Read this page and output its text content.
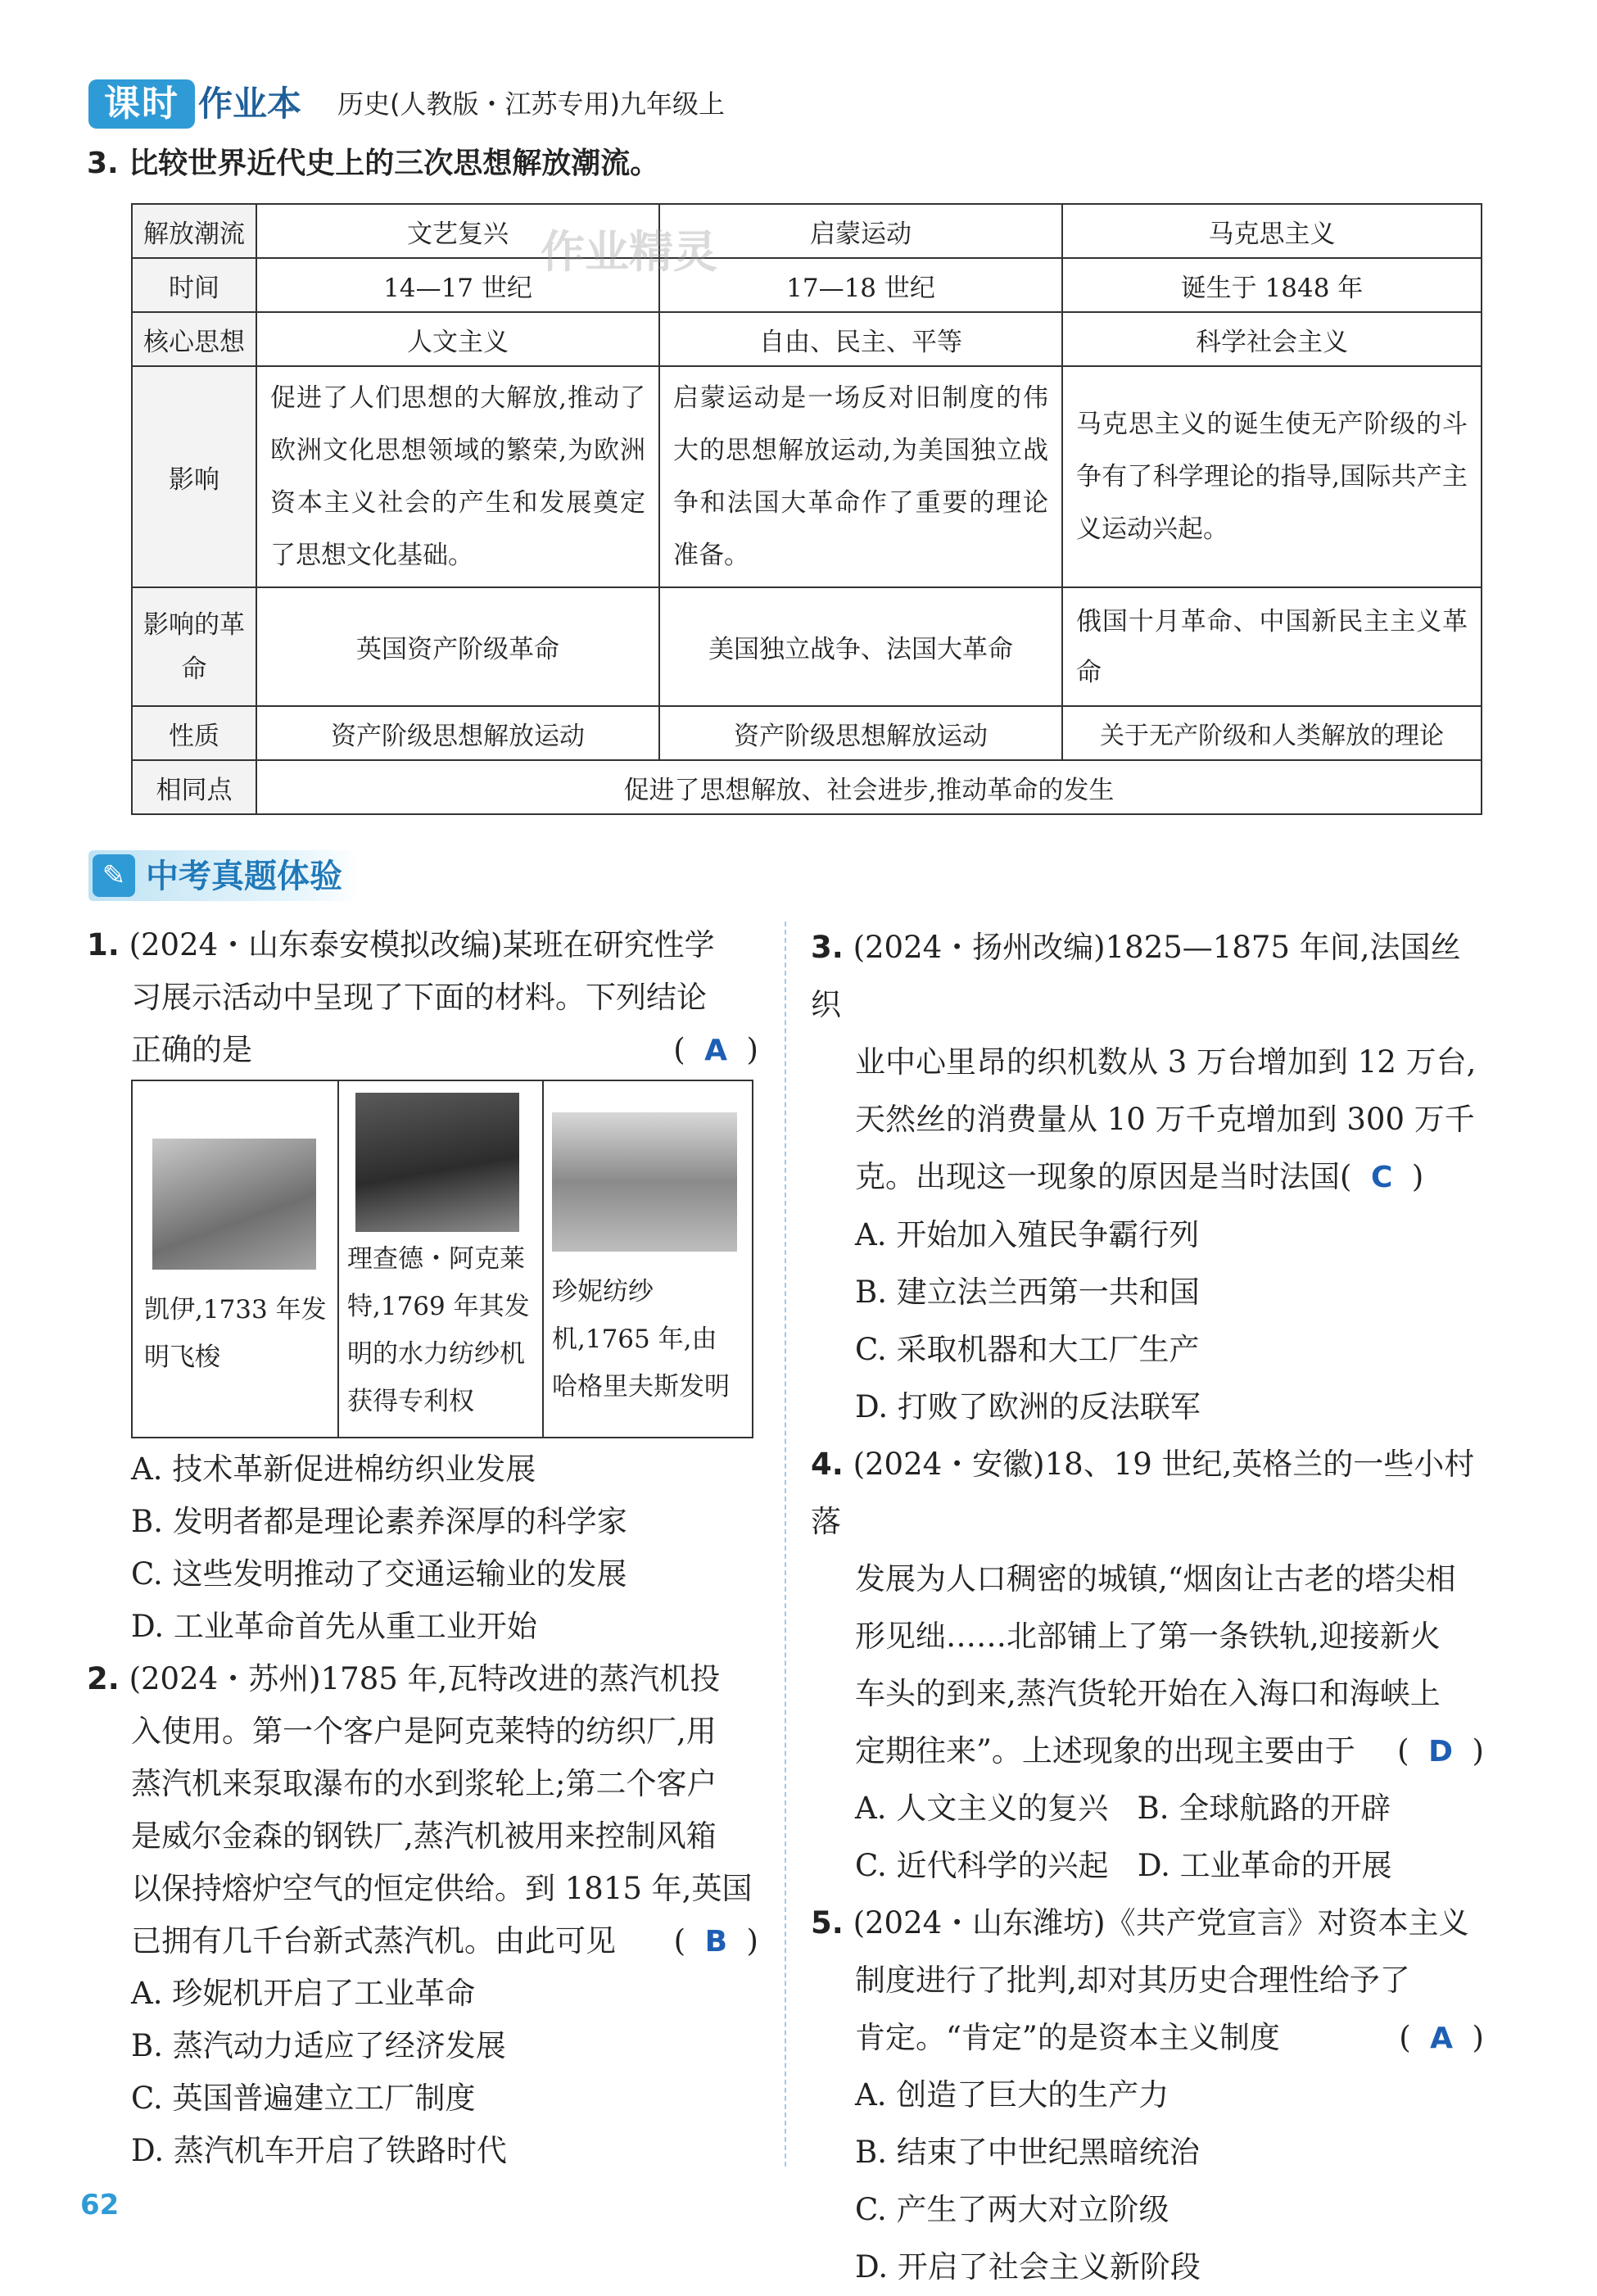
课时 作业本 历史(人教版・江苏专用)九年级上
3. 比较世界近代史上的三次思想解放潮流。
解放潮流	文艺复兴	启蒙运动	马克思主义
时间	14—17 世纪	17—18 世纪	诞生于 1848 年
核心思想	人文主义	自由、民主、平等	科学社会主义
影响	促进了人们思想的大解放,推动了欧洲文化思想领域的繁荣,为欧洲资本主义社会的产生和发展奠定了思想文化基础。	启蒙运动是一场反对旧制度的伟大的思想解放运动,为美国独立战争和法国大革命作了重要的理论准备。	马克思主义的诞生使无产阶级的斗争有了科学理论的指导,国际共产主义运动兴起。
影响的革命	英国资产阶级革命	美国独立战争、法国大革命	俄国十月革命、中国新民主主义革命
性质	资产阶级思想解放运动	资产阶级思想解放运动	关于无产阶级和人类解放的理论
相同点	促进了思想解放、社会进步,推动革命的发生		
作业精灵
✎ 中考真题体验

1. (2024・山东泰安模拟改编)某班在研究性学

习展示活动中呈现了下面的材料。下列结论

正确的是	(  A  )

凯伊,1733 年发明飞梭
理查德・阿克莱特,1769 年其发明的水力纺纱机获得专利权
珍妮纺纱机,1765 年,由哈格里夫斯发明

A. 技术革新促进棉纺织业发展

B. 发明者都是理论素养深厚的科学家

C. 这些发明推动了交通运输业的发展

D. 工业革命首先从重工业开始

2. (2024・苏州)1785 年,瓦特改进的蒸汽机投

入使用。第一个客户是阿克莱特的纺织厂,用

蒸汽机来泵取瀑布的水到浆轮上;第二个客户

是威尔金森的钢铁厂,蒸汽机被用来控制风箱

以保持熔炉空气的恒定供给。到 1815 年,英国

已拥有几千台新式蒸汽机。由此可见 (  B  )

A. 珍妮机开启了工业革命

B. 蒸汽动力适应了经济发展

C. 英国普遍建立工厂制度

D. 蒸汽机车开启了铁路时代

3. (2024・扬州改编)1825—1875 年间,法国丝织

业中心里昂的织机数从 3 万台增加到 12 万台,

天然丝的消费量从 10 万千克增加到 300 万千

克。出现这一现象的原因是当时法国(  C  )

A. 开始加入殖民争霸行列

B. 建立法兰西第一共和国

C. 采取机器和大工厂生产

D. 打败了欧洲的反法联军

4. (2024・安徽)18、19 世纪,英格兰的一些小村落

发展为人口稠密的城镇,“烟囱让古老的塔尖相

形见绌……北部铺上了第一条铁轨,迎接新火

车头的到来,蒸汽货轮开始在入海口和海峡上

定期往来”。上述现象的出现主要由于 (  D  )

A. 人文主义的复兴 B. 全球航路的开辟

C. 近代科学的兴起 D. 工业革命的开展

5. (2024・山东潍坊)《共产党宣言》对资本主义

制度进行了批判,却对其历史合理性给予了

肯定。“肯定”的是资本主义制度	(  A  )

A. 创造了巨大的生产力

B. 结束了中世纪黑暗统治

C. 产生了两大对立阶级

D. 开启了社会主义新阶段

62
